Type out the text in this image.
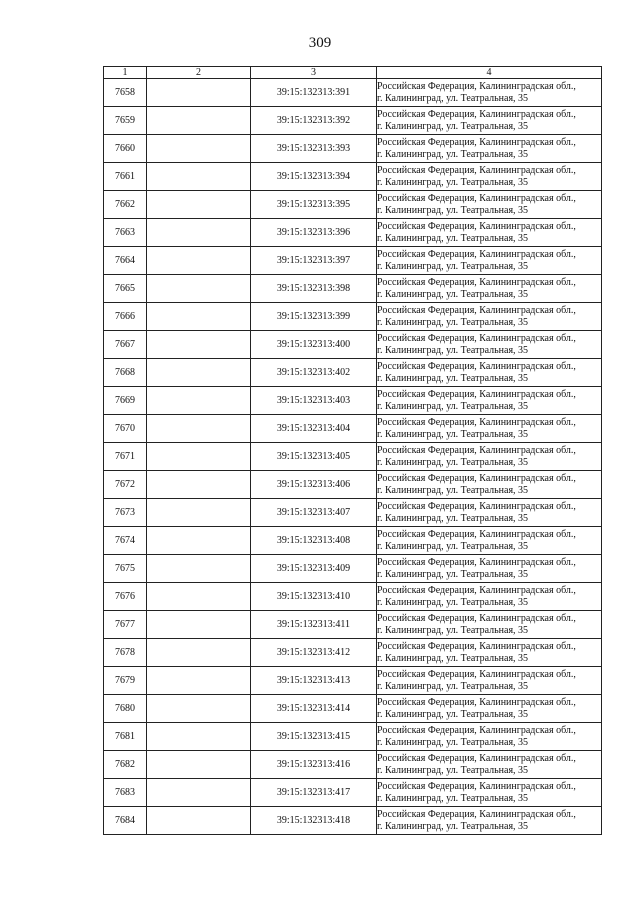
309
1	2	3	4
7658		39:15:132313:391	Российская Федерация, Калининградская обл.,
г. Калининград, ул. Театральная, 35

7659		39:15:132313:392	Российская Федерация, Калининградская обл.,
г. Калининград, ул. Театральная, 35

7660		39:15:132313:393	Российская Федерация, Калининградская обл.,
г. Калининград, ул. Театральная, 35

7661		39:15:132313:394	Российская Федерация, Калининградская обл.,
г. Калининград, ул. Театральная, 35

7662		39:15:132313:395	Российская Федерация, Калининградская обл.,
г. Калининград, ул. Театральная, 35

7663		39:15:132313:396	Российская Федерация, Калининградская обл.,
г. Калининград, ул. Театральная, 35

7664		39:15:132313:397	Российская Федерация, Калининградская обл.,
г. Калининград, ул. Театральная, 35

7665		39:15:132313:398	Российская Федерация, Калининградская обл.,
г. Калининград, ул. Театральная, 35

7666		39:15:132313:399	Российская Федерация, Калининградская обл.,
г. Калининград, ул. Театральная, 35

7667		39:15:132313:400	Российская Федерация, Калининградская обл.,
г. Калининград, ул. Театральная, 35

7668		39:15:132313:402	Российская Федерация, Калининградская обл.,
г. Калининград, ул. Театральная, 35

7669		39:15:132313:403	Российская Федерация, Калининградская обл.,
г. Калининград, ул. Театральная, 35

7670		39:15:132313:404	Российская Федерация, Калининградская обл.,
г. Калининград, ул. Театральная, 35

7671		39:15:132313:405	Российская Федерация, Калининградская обл.,
г. Калининград, ул. Театральная, 35

7672		39:15:132313:406	Российская Федерация, Калининградская обл.,
г. Калининград, ул. Театральная, 35

7673		39:15:132313:407	Российская Федерация, Калининградская обл.,
г. Калининград, ул. Театральная, 35

7674		39:15:132313:408	Российская Федерация, Калининградская обл.,
г. Калининград, ул. Театральная, 35

7675		39:15:132313:409	Российская Федерация, Калининградская обл.,
г. Калининград, ул. Театральная, 35

7676		39:15:132313:410	Российская Федерация, Калининградская обл.,
г. Калининград, ул. Театральная, 35

7677		39:15:132313:411	Российская Федерация, Калининградская обл.,
г. Калининград, ул. Театральная, 35

7678		39:15:132313:412	Российская Федерация, Калининградская обл.,
г. Калининград, ул. Театральная, 35

7679		39:15:132313:413	Российская Федерация, Калининградская обл.,
г. Калининград, ул. Театральная, 35

7680		39:15:132313:414	Российская Федерация, Калининградская обл.,
г. Калининград, ул. Театральная, 35

7681		39:15:132313:415	Российская Федерация, Калининградская обл.,
г. Калининград, ул. Театральная, 35

7682		39:15:132313:416	Российская Федерация, Калининградская обл.,
г. Калининград, ул. Театральная, 35

7683		39:15:132313:417	Российская Федерация, Калининградская обл.,
г. Калининград, ул. Театральная, 35

7684		39:15:132313:418	Российская Федерация, Калининградская обл.,
г. Калининград, ул. Театральная, 35
